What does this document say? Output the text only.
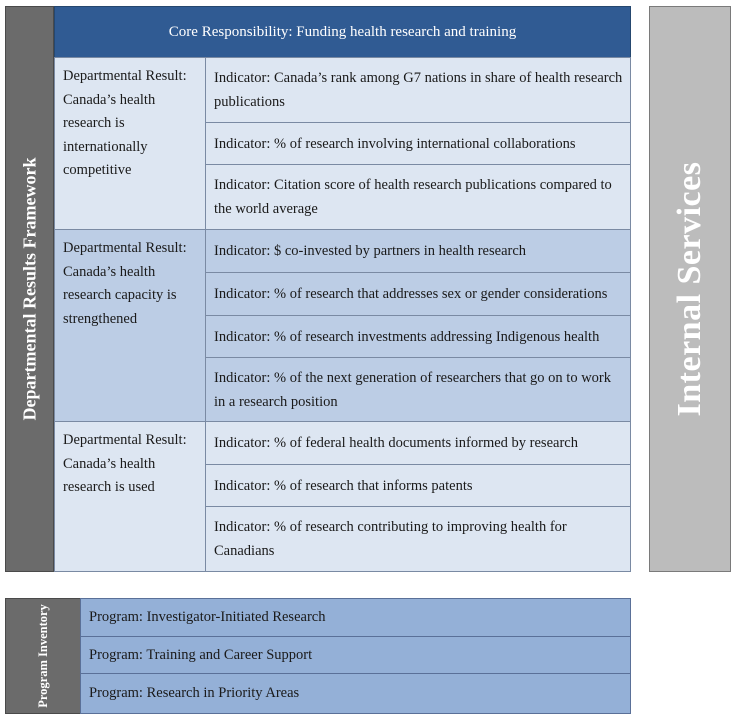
Departmental Results Framework
Core Responsibility: Funding health research and training
Departmental Result: Canada’s health research is internationally competitive
Indicator: Canada’s rank among G7 nations in share of health research publications
Indicator: % of research involving international collaborations
Indicator: Citation score of health research publications compared to the world average
Departmental Result: Canada’s health research capacity is strengthened
Indicator: $ co-invested by partners in health research
Indicator: % of research that addresses sex or gender considerations
Indicator: % of research investments addressing Indigenous health
Indicator: % of the next generation of researchers that go on to work in a research position
Departmental Result: Canada’s health research is used
Indicator: % of federal health documents informed by research
Indicator: % of research that informs patents
Indicator: % of research contributing to improving health for Canadians
Internal Services
Program Inventory	Program: Investigator-Initiated Research
Program: Training and Career Support
Program: Research in Priority Areas
